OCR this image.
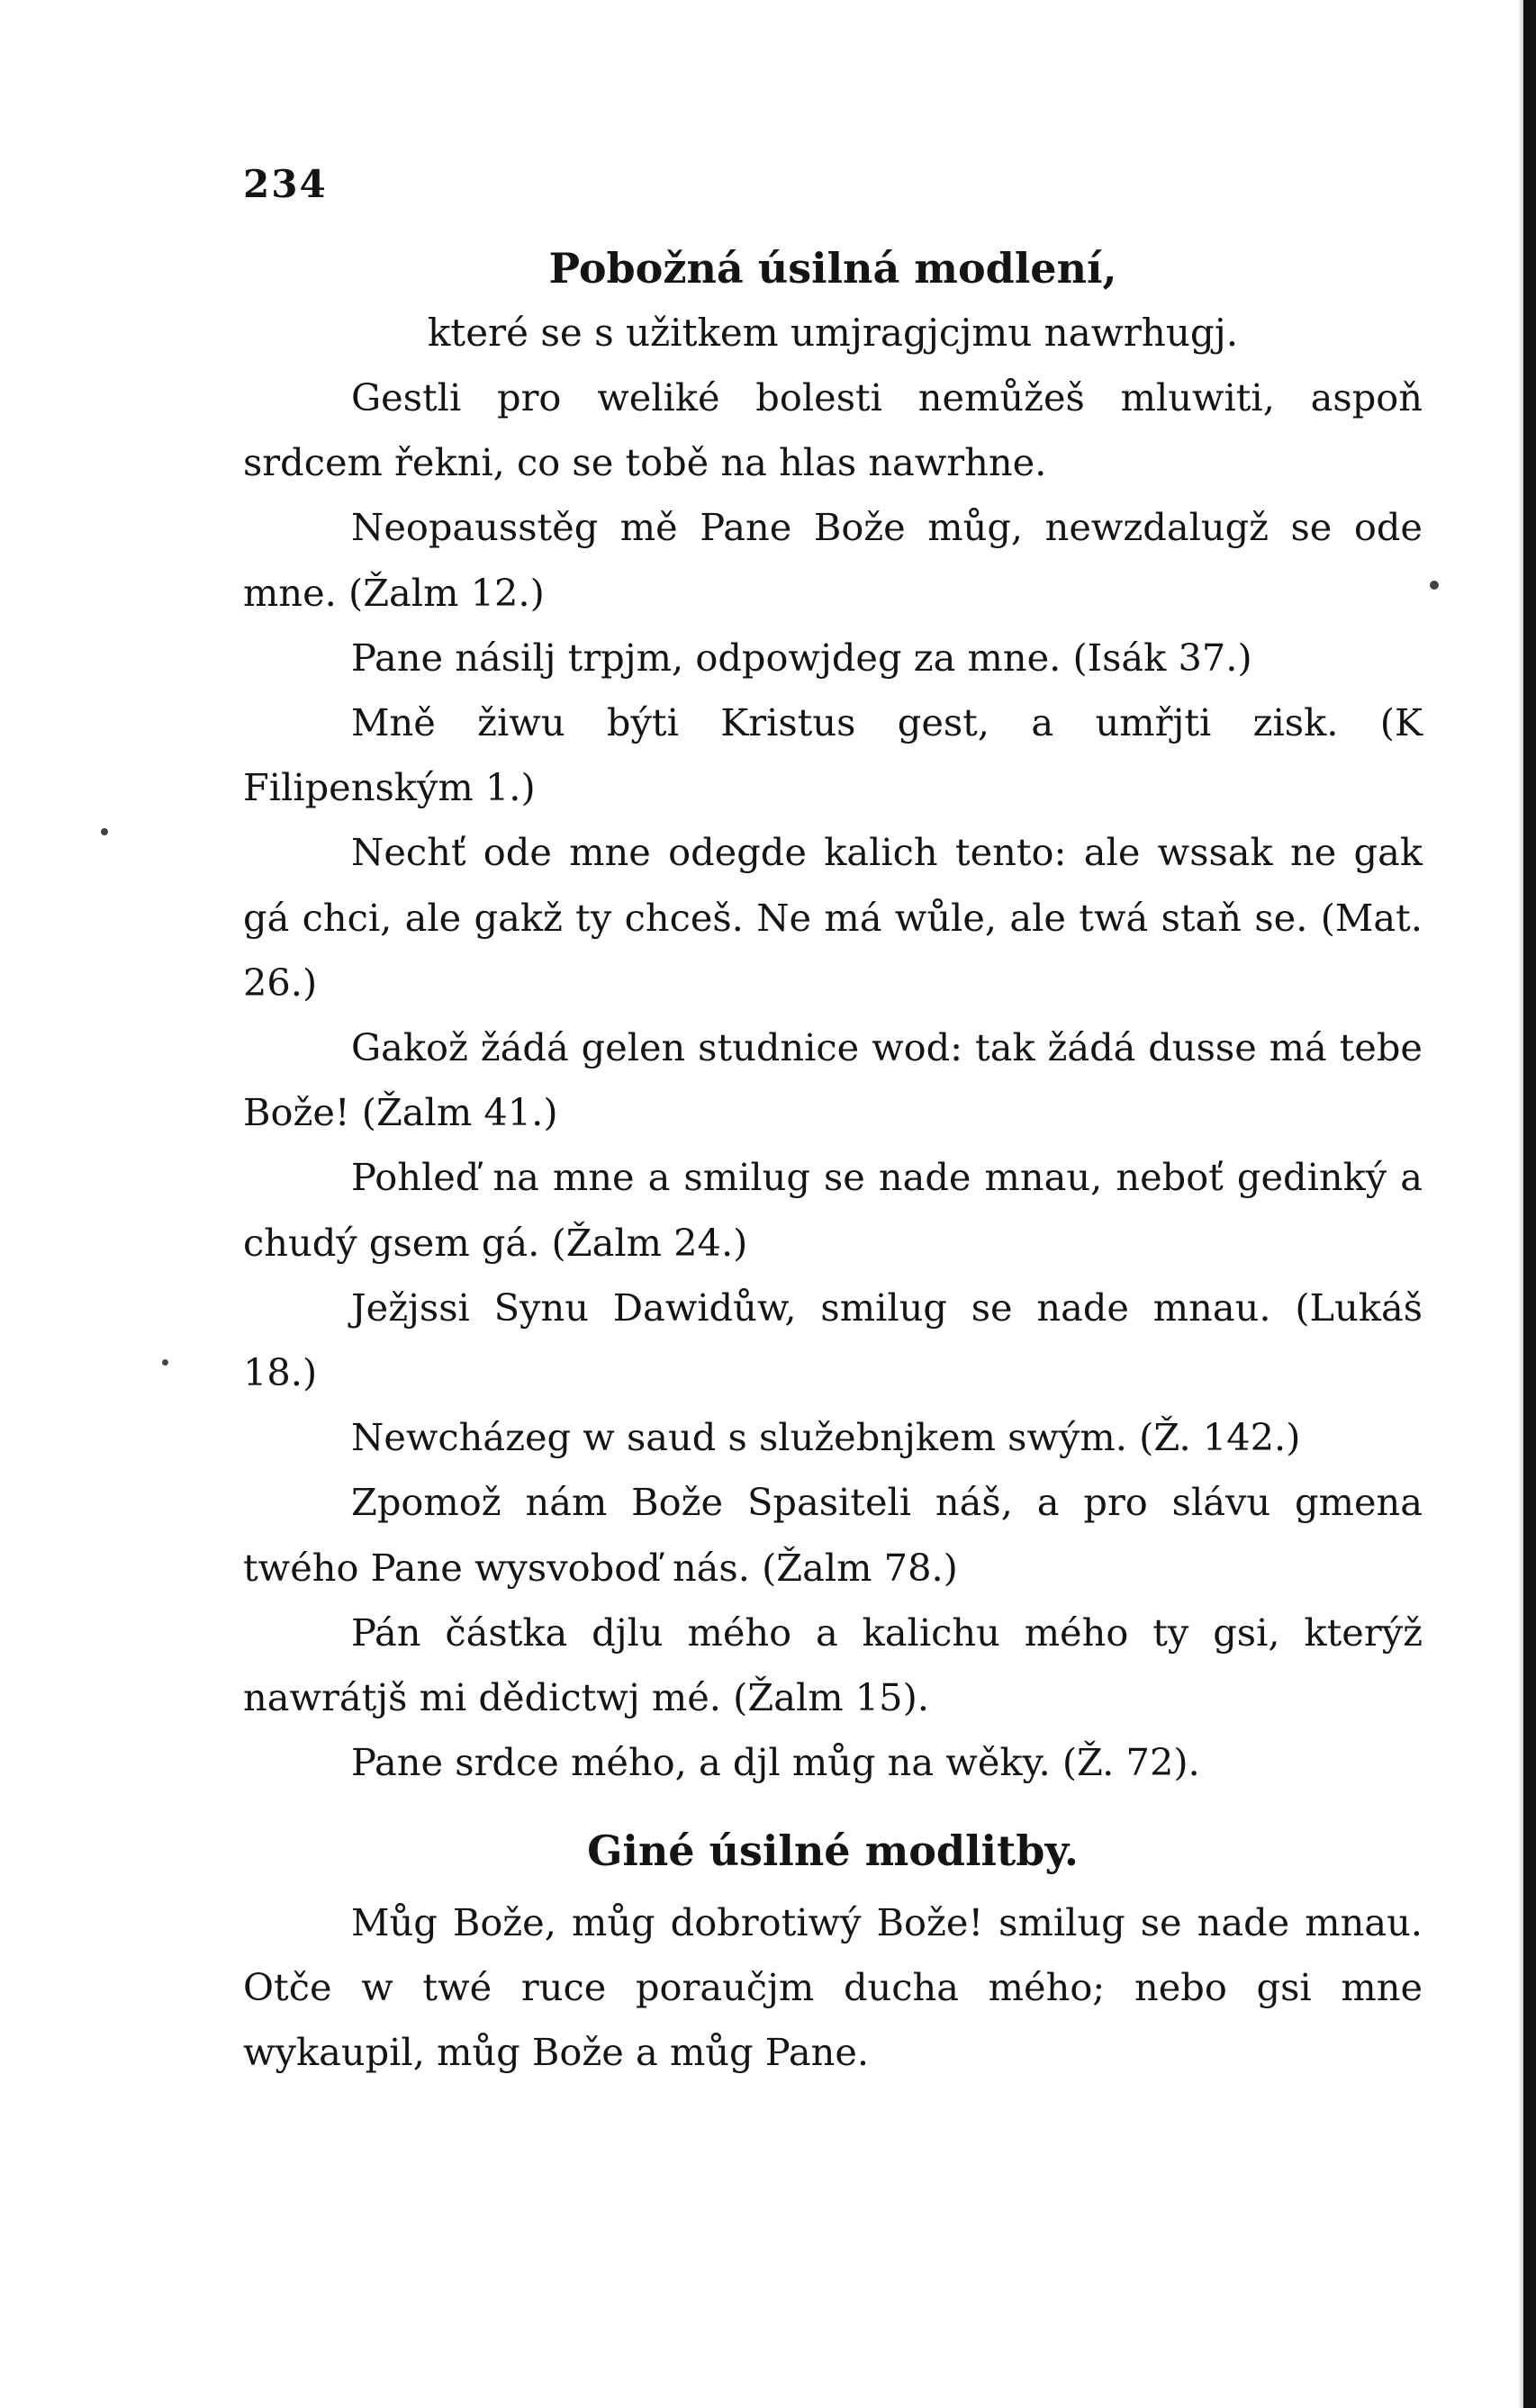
234
Pobožná úsilná modlení,
které se s užitkem umjragjcjmu nawrhugj.

Gestli pro weliké bolesti nemůžeš mluwiti, aspoň srdcem řekni, co se tobě na hlas nawrhne.

Neopausstěg mě Pane Bože můg, newzdalugž se ode mne. (Žalm 12.)

Pane násilj trpjm, odpowjdeg za mne. (Isák 37.)

Mně žiwu býti Kristus gest, a umřjti zisk. (K Filipenským 1.)

Nechť ode mne odegde kalich tento: ale wssak ne gak gá chci, ale gakž ty chceš. Ne má wůle, ale twá staň se. (Mat. 26.)

Gakož žádá gelen studnice wod: tak žádá dusse má tebe Bože! (Žalm 41.)

Pohleď na mne a smilug se nade mnau, neboť gedinký a chudý gsem gá. (Žalm 24.)

Ježjssi Synu Dawidůw, smilug se nade mnau. (Lukáš 18.)

Newcházeg w saud s služebnjkem swým. (Ž. 142.)

Zpomož nám Bože Spasiteli náš, a pro slávu gmena twého Pane wysvoboď nás. (Žalm 78.)

Pán částka djlu mého a kalichu mého ty gsi, kterýž nawrátjš mi dědictwj mé. (Žalm 15).

Pane srdce mého, a djl můg na wěky. (Ž. 72).

Giné úsilné modlitby.

Můg Bože, můg dobrotiwý Bože! smilug se nade mnau. Otče w twé ruce poraučjm ducha mého; nebo gsi mne wykaupil, můg Bože a můg Pane.
